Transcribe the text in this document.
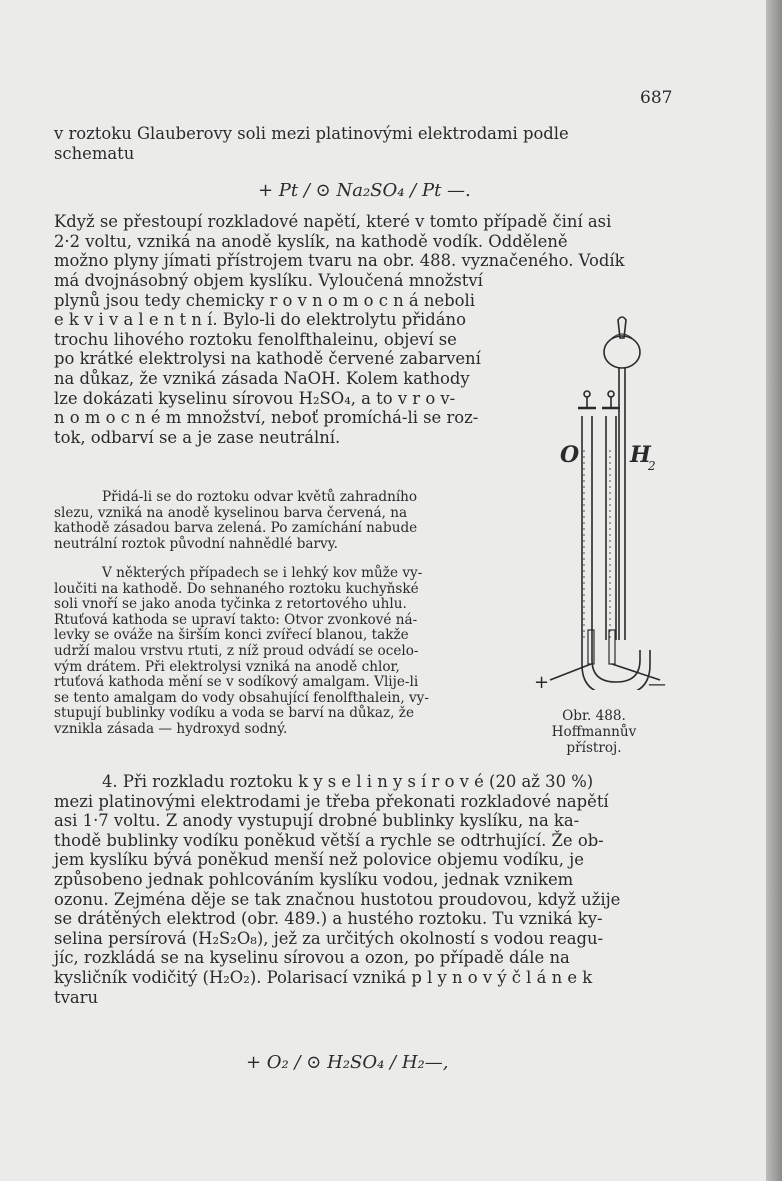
687
v roztoku Glauberovy soli mezi platinovými elektrodami podle
schematu
+ Pt / ⊙ Na₂SO₄ / Pt —.
Když se přestoupí rozkladové napětí, které v tomto případě činí asi
2·2 voltu, vzniká na anodě kyslík, na kathodě vodík. Odděleně
možno plyny jímati přístrojem tvaru na obr. 488. vyznačeného. Vodík
má dvojnásobný objem kyslíku. Vyloučená množství
plynů jsou tedy chemicky r o v n o m o c n á neboli
e k v i v a l e n t n í. Bylo-li do elektrolytu přidáno
trochu lihového roztoku fenolfthaleinu, objeví se
po krátké elektrolysi na kathodě červené zabarvení
na důkaz, že vzniká zásada NaOH. Kolem kathody
lze dokázati kyselinu sírovou H₂SO₄, a to v r o v-
n o m o c n é m množství, neboť promíchá-li se roz-
tok, odbarví se a je zase neutrální.
Přidá-li se do roztoku odvar květů zahradního
slezu, vzniká na anodě kyselinou barva červená, na
kathodě zásadou barva zelená. Po zamíchání nabude
neutrální roztok původní nahnědlé barvy.
V některých případech se i lehký kov může vy-
loučiti na kathodě. Do sehnaného roztoku kuchyňské
soli vnoří se jako anoda tyčinka z retortového uhlu.
Rtuťová kathoda se upraví takto: Otvor zvonkové ná-
levky se ováže na širším konci zvířecí blanou, takže
udrží malou vrstvu rtuti, z níž proud odvádí se ocelo-
vým drátem. Při elektrolysi vzniká na anodě chlor,
rtuťová kathoda mění se v sodíkový amalgam. Vlije-li
se tento amalgam do vody obsahující fenolfthalein, vy-
stupují bublinky vodíku a voda se barví na důkaz, že
vznikla zásada — hydroxyd sodný.
O H
2
+	—
Obr. 488.
Hoffmannův
přístroj.
4. Při rozkladu roztoku k y s e l i n y s í r o v é (20 až 30 %)
mezi platinovými elektrodami je třeba překonati rozkladové napětí
asi 1·7 voltu. Z anody vystupují drobné bublinky kyslíku, na ka-
thodě bublinky vodíku poněkud větší a rychle se odtrhující. Že ob-
jem kyslíku bývá poněkud menší než polovice objemu vodíku, je
způsobeno jednak pohlcováním kyslíku vodou, jednak vznikem
ozonu. Zejména děje se tak značnou hustotou proudovou, když užije
se drátěných elektrod (obr. 489.) a hustého roztoku. Tu vzniká ky-
selina persírová (H₂S₂O₈), jež za určitých okolností s vodou reagu-
jíc, rozkládá se na kyselinu sírovou a ozon, po případě dále na
kysličník vodičitý (H₂O₂). Polarisací vzniká p l y n o v ý č l á n e k
tvaru
+ O₂ / ⊙ H₂SO₄ / H₂—,
